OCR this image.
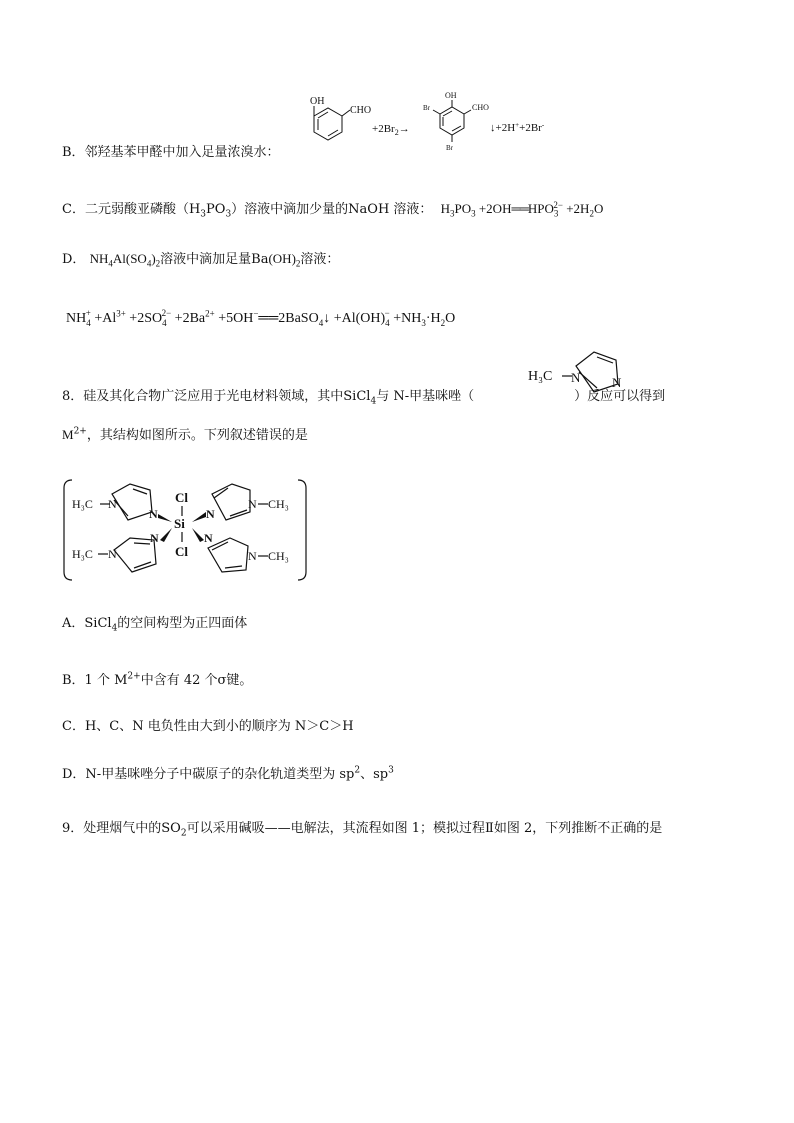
B．邻羟基苯甲醛中加入足量浓溴水：
OH
CHO
$+2Br_2\to$
OH
Br	CHO
Br
↓+2H++2Br-
C．二元弱酸亚磷酸$(H_3PO_3)$溶液中滴加少量的NaOH 溶液： $H_3PO_3$ $+2OH══HPO_3^{2-} +2H_2O$
D． $NH_4Al(SO_4)_2$溶液中滴加足量$Ba(OH)_2$溶液：
$NH_4^+ +Al^{3+} +2SO_4^{2-} +2Ba^{2+}$ +5OH−══2BaSO$_4$↓ $+Al(OH)_4^- +NH_3\cdot H_2O$
8．硅及其化合物广泛应用于光电材料领域，其中SiCl$_4$与 N-甲基咪唑（	）反应可以得到
H₃C N N
$M^{2+}$，其结构如图所示。下列叙述错误的是
Cl
Si
Cl
H₃C N
N	N
N CH₃
H₃C N
N	N
N CH₃
A．SiCl$_4$的空间构型为正四面体
B．1 个 $M^{2+}$中含有 42 个σ键。
C．H、C、N 电负性由大到小的顺序为 N＞C＞H
D．N-甲基咪唑分子中碳原子的杂化轨道类型为 $sp^2$、$sp^3$
9．处理烟气中的$SO_2$可以采用碱吸——电解法，其流程如图 1；模拟过程Ⅱ如图 2，下列推断不正确的是
